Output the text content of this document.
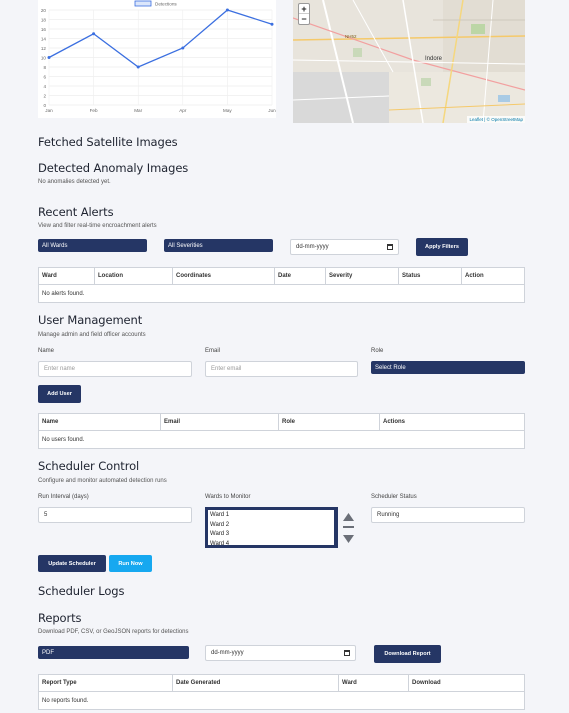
0
2
4
6
8
10
12
14
16
18
20
Jan	Feb	Mar	Apr	May	Jun
Detections
NH52
Indore
+
−
Leaflet | © OpenStreetMap
Fetched Satellite Images
Detected Anomaly Images
No anomalies detected yet.
Recent Alerts
View and filter real-time encroachment alerts
All Wards	All Severities	dd-mm-yyyy	Apply Filters
Ward	Location	Coordinates	Date	Severity	Status	Action
No alerts found.
User Management
Manage admin and field officer accounts
Name
Enter name
Email
Enter email
Role
Select Role
Add User
Name	Email	Role	Actions
No users found.
Scheduler Control
Configure and monitor automated detection runs
Run Interval (days)
5
Wards to Monitor
Ward 1
Ward 2
Ward 3
Ward 4
Scheduler Status
Running
Update Scheduler	Run Now
Scheduler Logs
Reports
Download PDF, CSV, or GeoJSON reports for detections
PDF	dd-mm-yyyy	Download Report
Report Type	Date Generated	Ward	Download
No reports found.
